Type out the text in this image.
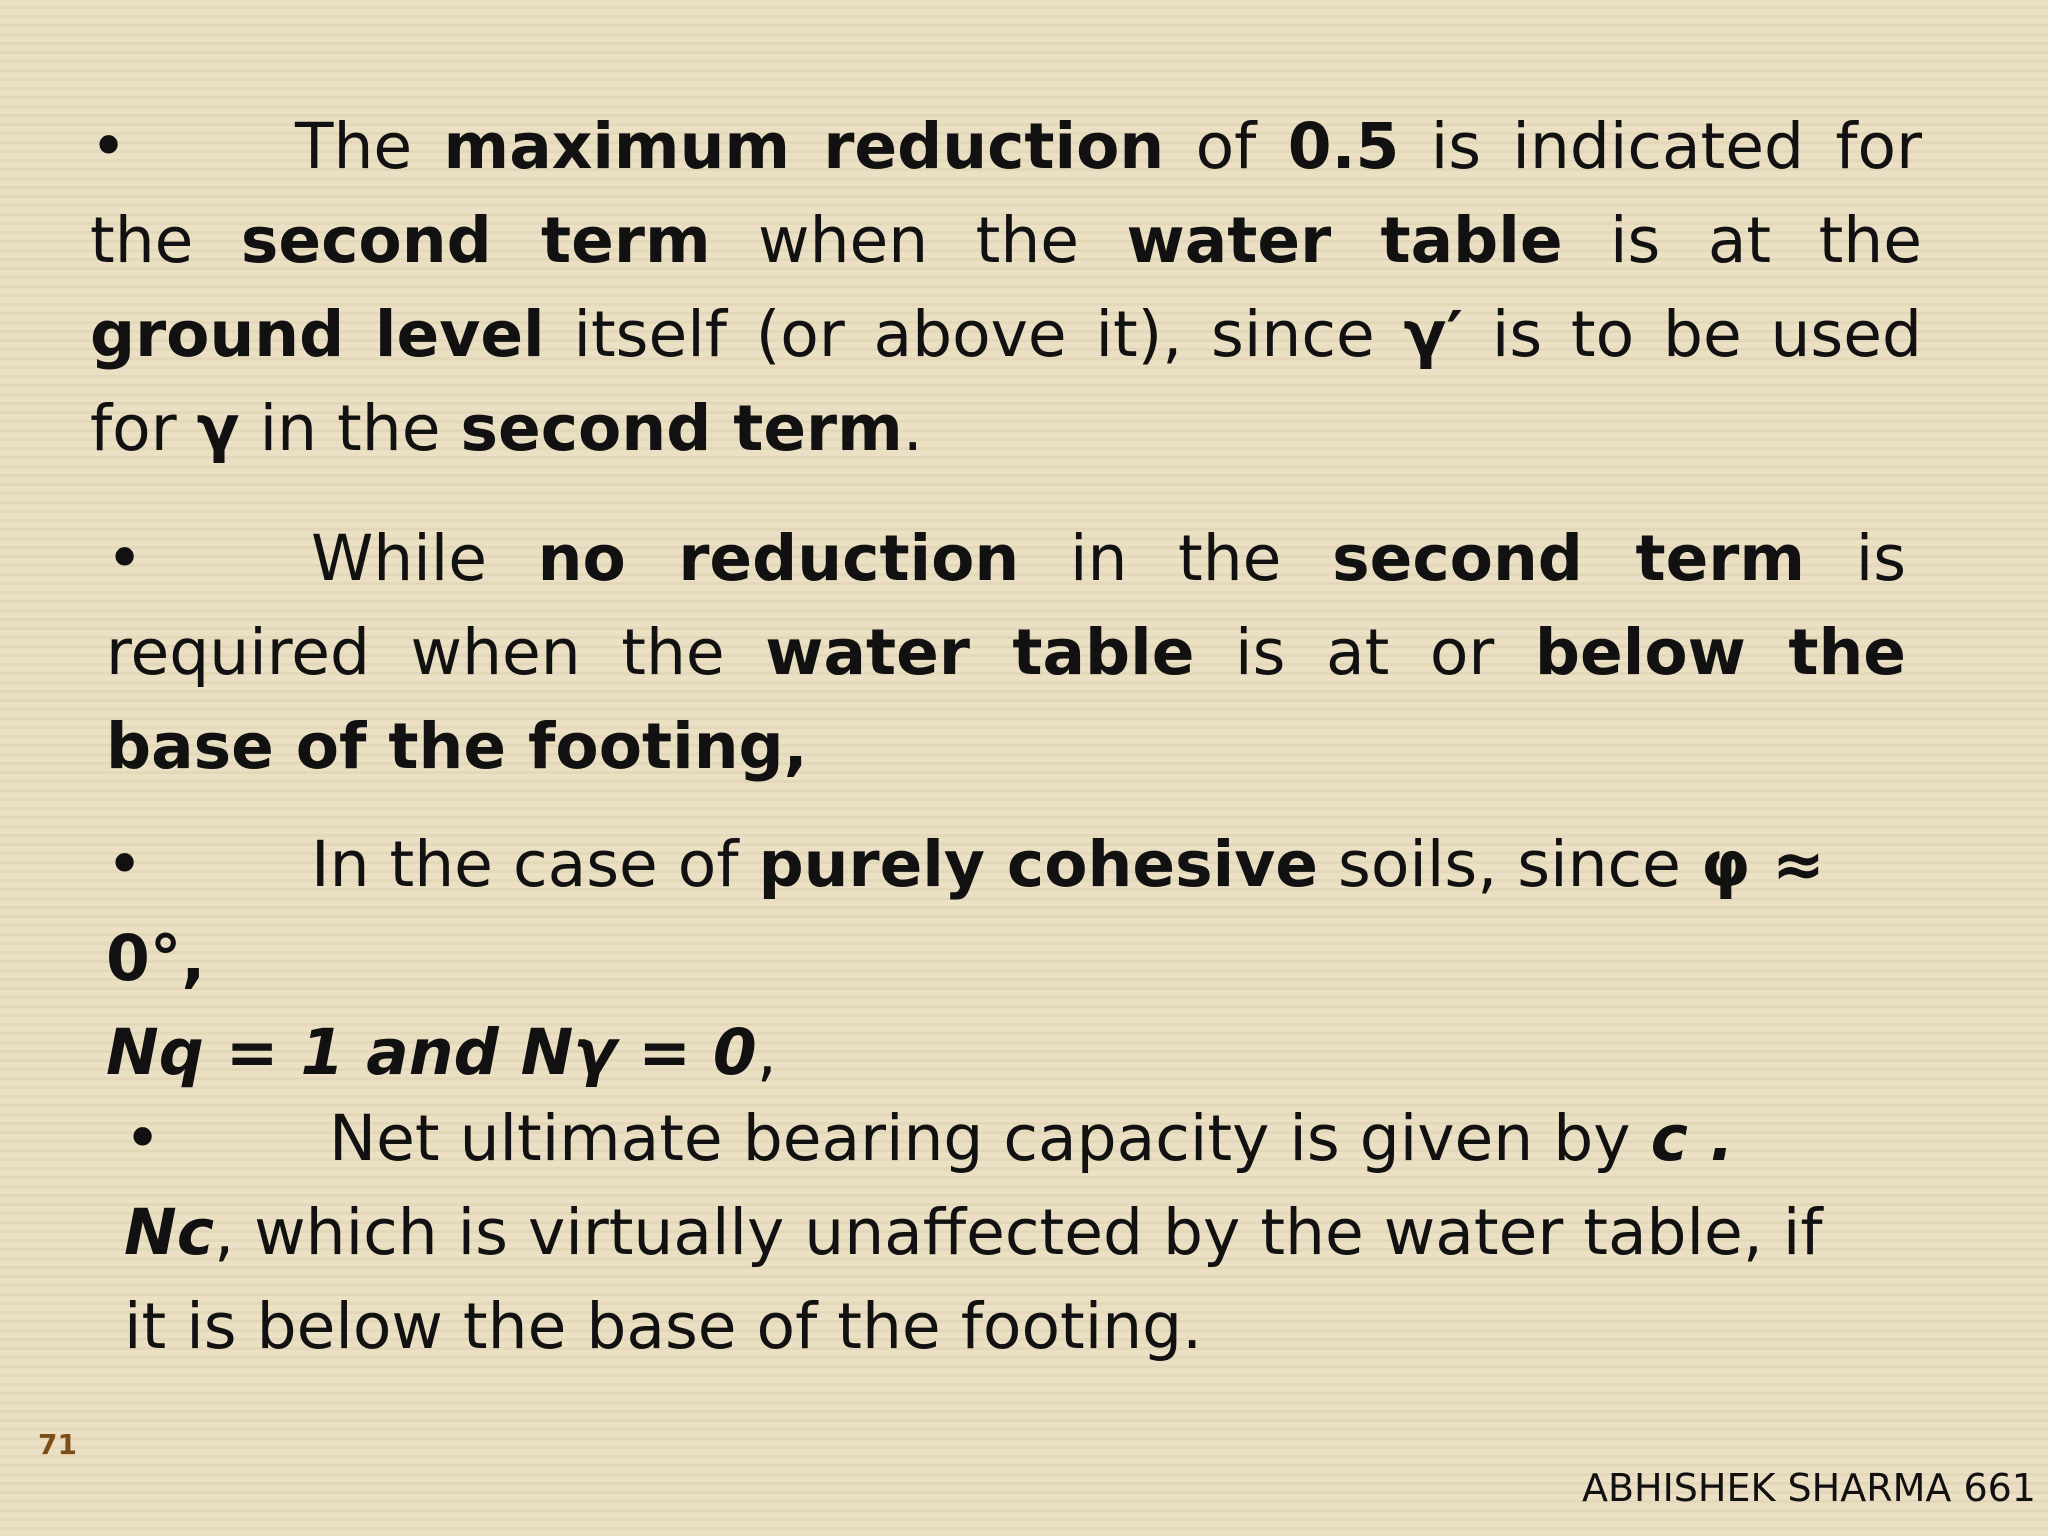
•	The maximum reduction of 0.5 is indicated for the second term when the water table is at the ground level itself (or above it), since γ′ is to be used for γ in the second term.

•	While no reduction in the second term is required when the water table is at or below the base of the footing,

•	In the case of purely cohesive soils, since φ ≈ 0°,
Nq = 1 and Nγ = 0,

•	Net ultimate bearing capacity is given by c . Nc, which is virtually unaffected by the water table, if it is below the base of the footing.

71
ABHISHEK SHARMA 661
